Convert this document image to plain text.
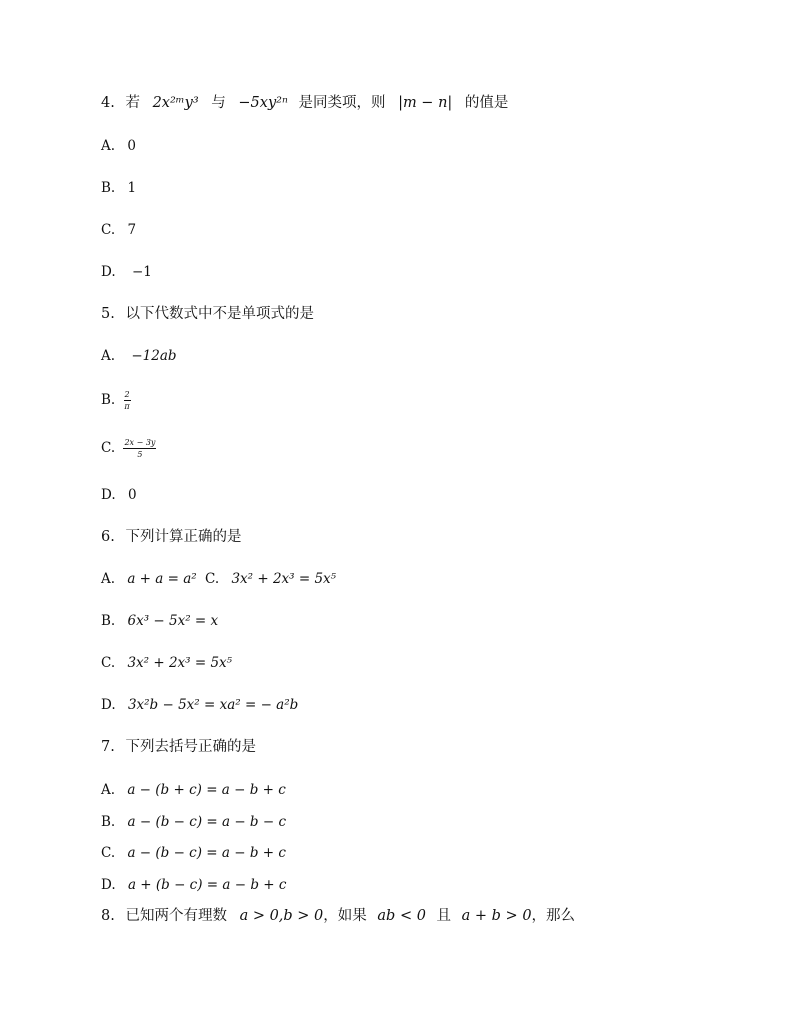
4. 若 2x²ᵐy³ 与 −5xy²ⁿ 是同类项，则 |m − n| 的值是
A. 0
B. 1
C. 7
D. −1
5. 以下代数式中不是单项式的是
A. −12ab
B. $\frac{2}{\pi}$
C. $\frac{2x - 3y}{5}$
D. 0
6. 下列计算正确的是
A. a + a = a² C. 3x² + 2x³ = 5x⁵
B. 6x³ − 5x² = x
C. 3x² + 2x³ = 5x⁵
D. 3x²b − 5x² = xa² = − a²b
7. 下列去括号正确的是
A. a − (b + c) = a − b + c
B. a − (b − c) = a − b − c
C. a − (b − c) = a − b + c
D. a + (b − c) = a − b + c
8. 已知两个有理数 a > 0,b > 0，如果 ab < 0 且 a + b > 0，那么
